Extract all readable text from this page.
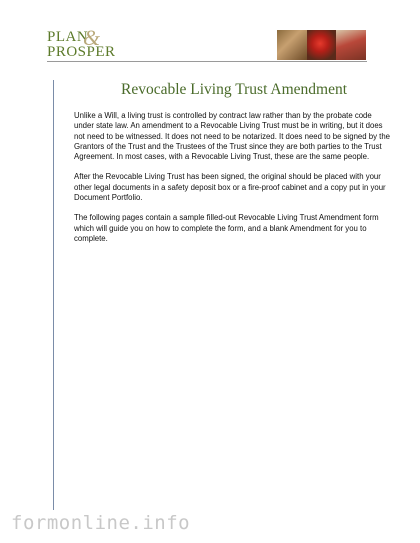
PLAN
&
PROSPER
Revocable Living Trust Amendment

Unlike a Will, a living trust is controlled by contract law rather than by the probate code under state law. An amendment to a Revocable Living Trust must be in writing, but it does not need to be witnessed. It does not need to be notarized. It does need to be signed by the Grantors of the Trust and the Trustees of the Trust since they are both parties to the Trust Agreement. In most cases, with a Revocable Living Trust, these are the same people.

After the Revocable Living Trust has been signed, the original should be placed with your other legal documents in a safety deposit box or a fire-proof cabinet and a copy put in your Document Portfolio.

The following pages contain a sample filled-out Revocable Living Trust Amendment form which will guide you on how to complete the form, and a blank Amendment for you to complete.

formonline.info
